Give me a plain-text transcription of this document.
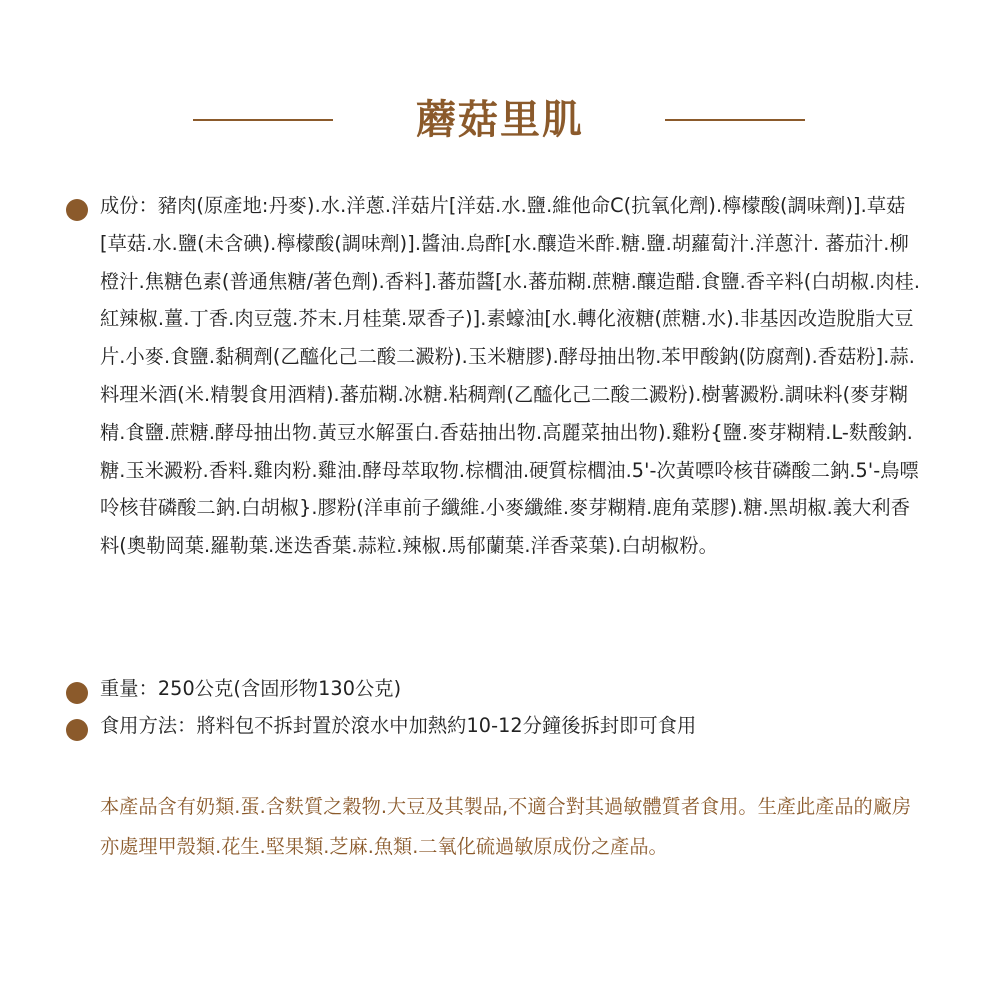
蘑菇里肌
成份：豬肉(原產地:丹麥).水.洋蔥.洋菇片[洋菇.水.鹽.維他命C(抗氧化劑).檸檬酸(調味劑)].草菇[草菇.水.鹽(未含碘).檸檬酸(調味劑)].醬油.烏酢[水.釀造米酢.糖.鹽.胡蘿蔔汁.洋蔥汁. 蕃茄汁.柳橙汁.焦糖色素(普通焦糖/著色劑).香料].蕃茄醬[水.蕃茄糊.蔗糖.釀造醋.食鹽.香辛料(白胡椒.肉桂.紅辣椒.薑.丁香.肉豆蔻.芥末.月桂葉.眾香子)].素蠔油[水.轉化液糖(蔗糖.水).非基因改造脫脂大豆片.小麥.食鹽.黏稠劑(乙醯化己二酸二澱粉).玉米糖膠).酵母抽出物.苯甲酸鈉(防腐劑).香菇粉].蒜.料理米酒(米.精製食用酒精).蕃茄糊.冰糖.粘稠劑(乙醯化己二酸二澱粉).樹薯澱粉.調味料(麥芽糊精.食鹽.蔗糖.酵母抽出物.黃豆水解蛋白.香菇抽出物.高麗菜抽出物).雞粉{鹽.麥芽糊精.L-麩酸鈉.糖.玉米澱粉.香料.雞肉粉.雞油.酵母萃取物.棕櫚油.硬質棕櫚油.5'-次黃嘌呤核苷磷酸二鈉.5'-鳥嘌呤核苷磷酸二鈉.白胡椒}.膠粉(洋車前子纖維.小麥纖維.麥芽糊精.鹿角菜膠).糖.黑胡椒.義大利香料(奧勒岡葉.羅勒葉.迷迭香葉.蒜粒.辣椒.馬郁蘭葉.洋香菜葉).白胡椒粉。
重量：250公克(含固形物130公克)
食用方法：將料包不拆封置於滾水中加熱約10-12分鐘後拆封即可食用
本產品含有奶類.蛋.含麩質之穀物.大豆及其製品,不適合對其過敏體質者食用。生產此產品的廠房亦處理甲殼類.花生.堅果類.芝麻.魚類.二氧化硫過敏原成份之產品。
